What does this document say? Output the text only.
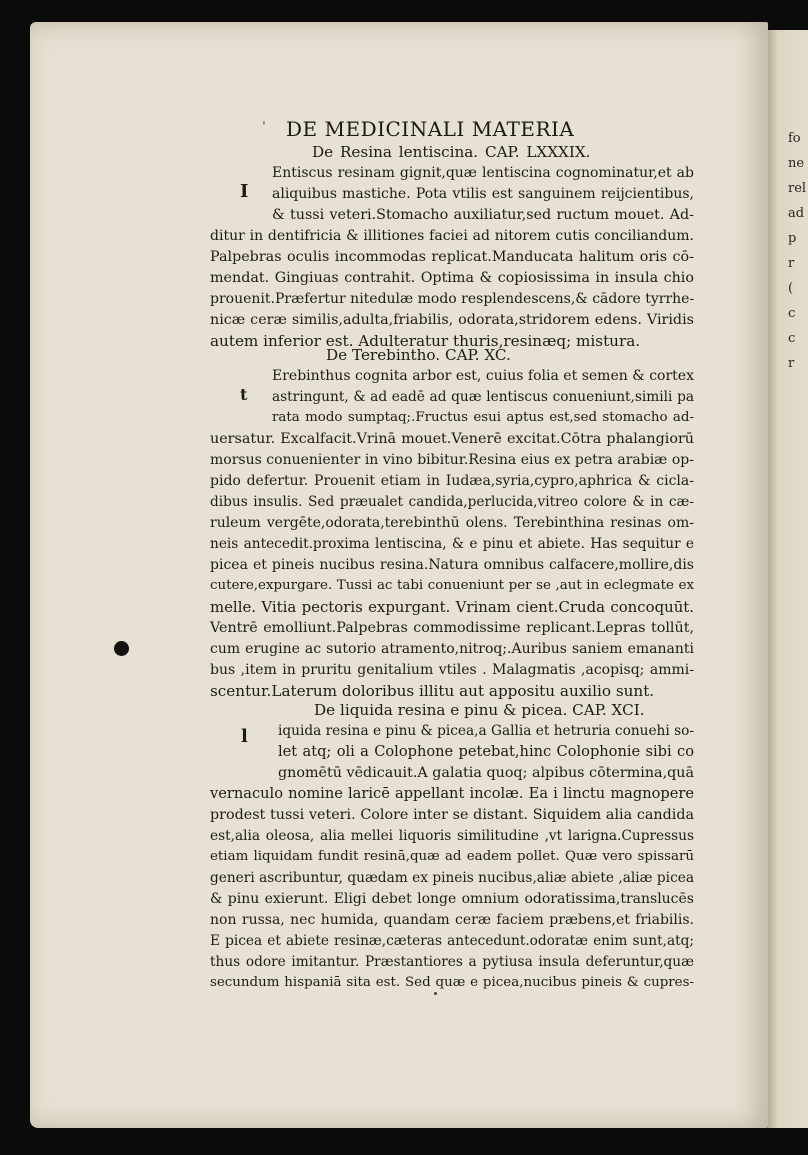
fo
ne
rel
ad
p
r
(
c
c
r
ˈ DE MEDICINALI MATERIA
I
t
l
De Resina lentiscina. CAP. LXXXIX.
Entiscus resinam gignit,quæ lentiscina cognominatur,et ab
aliquibus mastiche. Pota vtilis est sanguinem reijcientibus,
& tussi veteri.Stomacho auxiliatur,sed ructum mouet. Ad-
ditur in dentifricia & illitiones faciei ad nitorem cutis conciliandum.
Palpebras oculis incommodas replicat.Manducata halitum oris cō-
mendat. Gingiuas contrahit. Optima & copiosissima in insula chio
prouenit.Præfertur nitedulæ modo resplendescens,& cādore tyrrhe-
nicæ ceræ similis,adulta,friabilis, odorata,stridorem edens. Viridis
autem inferior est. Adulteratur thuris,resinæq; mistura.
De Terebintho. CAP. XC.
Erebinthus cognita arbor est, cuius folia et semen & cortex
astringunt, & ad eadē ad quæ lentiscus conueniunt,simili pa
rata modo sumptaq;.Fructus esui aptus est,sed stomacho ad-
uersatur. Excalfacit.Vrinā mouet.Venerē excitat.Cōtra phalangiorū
morsus conuenienter in vino bibitur.Resina eius ex petra arabiæ op-
pido defertur. Prouenit etiam in Iudæa,syria,cypro,aphrica & cicla-
dibus insulis. Sed præualet candida,perlucida,vitreo colore & in cæ-
ruleum vergēte,odorata,terebinthū olens. Terebinthina resinas om-
neis antecedit.proxima lentiscina, & e pinu et abiete. Has sequitur e
picea et pineis nucibus resina.Natura omnibus calfacere,mollire,dis
cutere,expurgare. Tussi ac tabi conueniunt per se ,aut in eclegmate ex
melle. Vitia pectoris expurgant. Vrinam cient.Cruda concoquūt.
Ventrē emolliunt.Palpebras commodissime replicant.Lepras tollūt,
cum erugine ac sutorio atramento,nitroq;.Auribus saniem emananti
bus ,item in pruritu genitalium vtiles . Malagmatis ,acopisq; ammi-
scentur.Laterum doloribus illitu aut appositu auxilio sunt.
De liquida resina e pinu & picea. CAP. XCI.
iquida resina e pinu & picea,a Gallia et hetruria conuehi so-
let atq; oli a Colophone petebat,hinc Colophonie sibi co
gnomētū vēdicauit.A galatia quoq; alpibus cōtermina,quā
vernaculo nomine laricē appellant incolæ. Ea i linctu magnopere
prodest tussi veteri. Colore inter se distant. Siquidem alia candida
est,alia oleosa, alia mellei liquoris similitudine ,vt larigna.Cupressus
etiam liquidam fundit resinā,quæ ad eadem pollet. Quæ vero spissarū
generi ascribuntur, quædam ex pineis nucibus,aliæ abiete ,aliæ picea
& pinu exierunt. Eligi debet longe omnium odoratissima,translucēs
non russa, nec humida, quandam ceræ faciem præbens,et friabilis.
E picea et abiete resinæ,cæteras antecedunt.odoratæ enim sunt,atq;
thus odore imitantur. Præstantiores a pytiusa insula deferuntur,quæ
secundum hispaniā sita est. Sed quæ e picea,nucibus pineis & cupres-
